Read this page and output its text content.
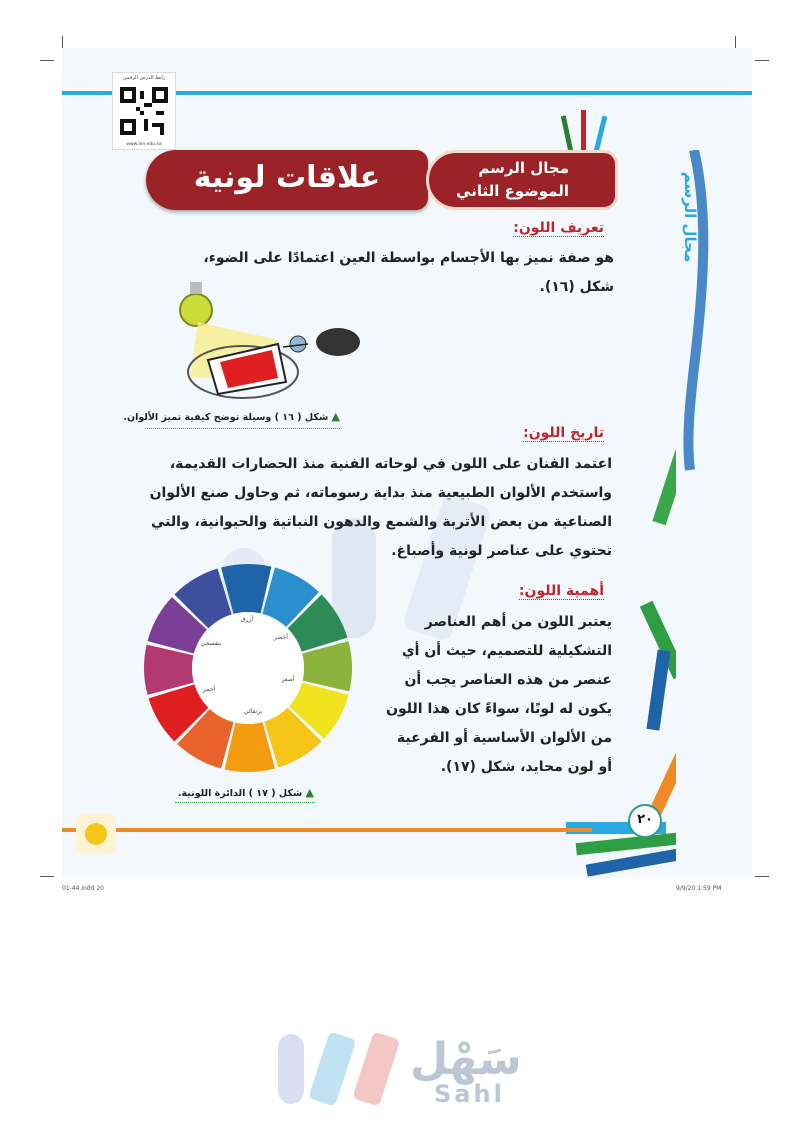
رابط الدرس الرقمي
www.ien.edu.sa
علاقات لونية	مجال الرسم
الموضوع الثاني	مجال الرسم
تعريف اللون:
هو صفة نميز بها الأجسام بواسطة العين اعتمادًا على الضوء، شكل (١٦).
▲ شكل ( ١٦ ) وسيلة توضح كيفية تميز الألوان.
تاريخ اللون:
اعتمد الفنان على اللون في لوحاته الفنية منذ الحضارات القديمة، واستخدم الألوان الطبيعية منذ بداية رسوماته، ثم وحاول صنع الألوان الصناعية من بعض الأتربة والشمع والدهون النباتية والحيوانية، والتي تحتوي على عناصر لونية وأصباغ.
أهمية اللون:
يعتبر اللون من أهم العناصر التشكيلية للتصميم، حيث أن أي عنصر من هذه العناصر يجب أن يكون له لونًا، سواءً كان هذا اللون من الألوان الأساسية أو الفرعية أو لون محايد، شكل (١٧).
أزرق
أخضر
أصفر
برتقالي
أحمر
بنفسجي
▲ شكل ( ١٧ ) الدائرة اللونية.
٢٠
01-44.indd 20	9/9/20 1:59 PM
سَهْل
Sahl
